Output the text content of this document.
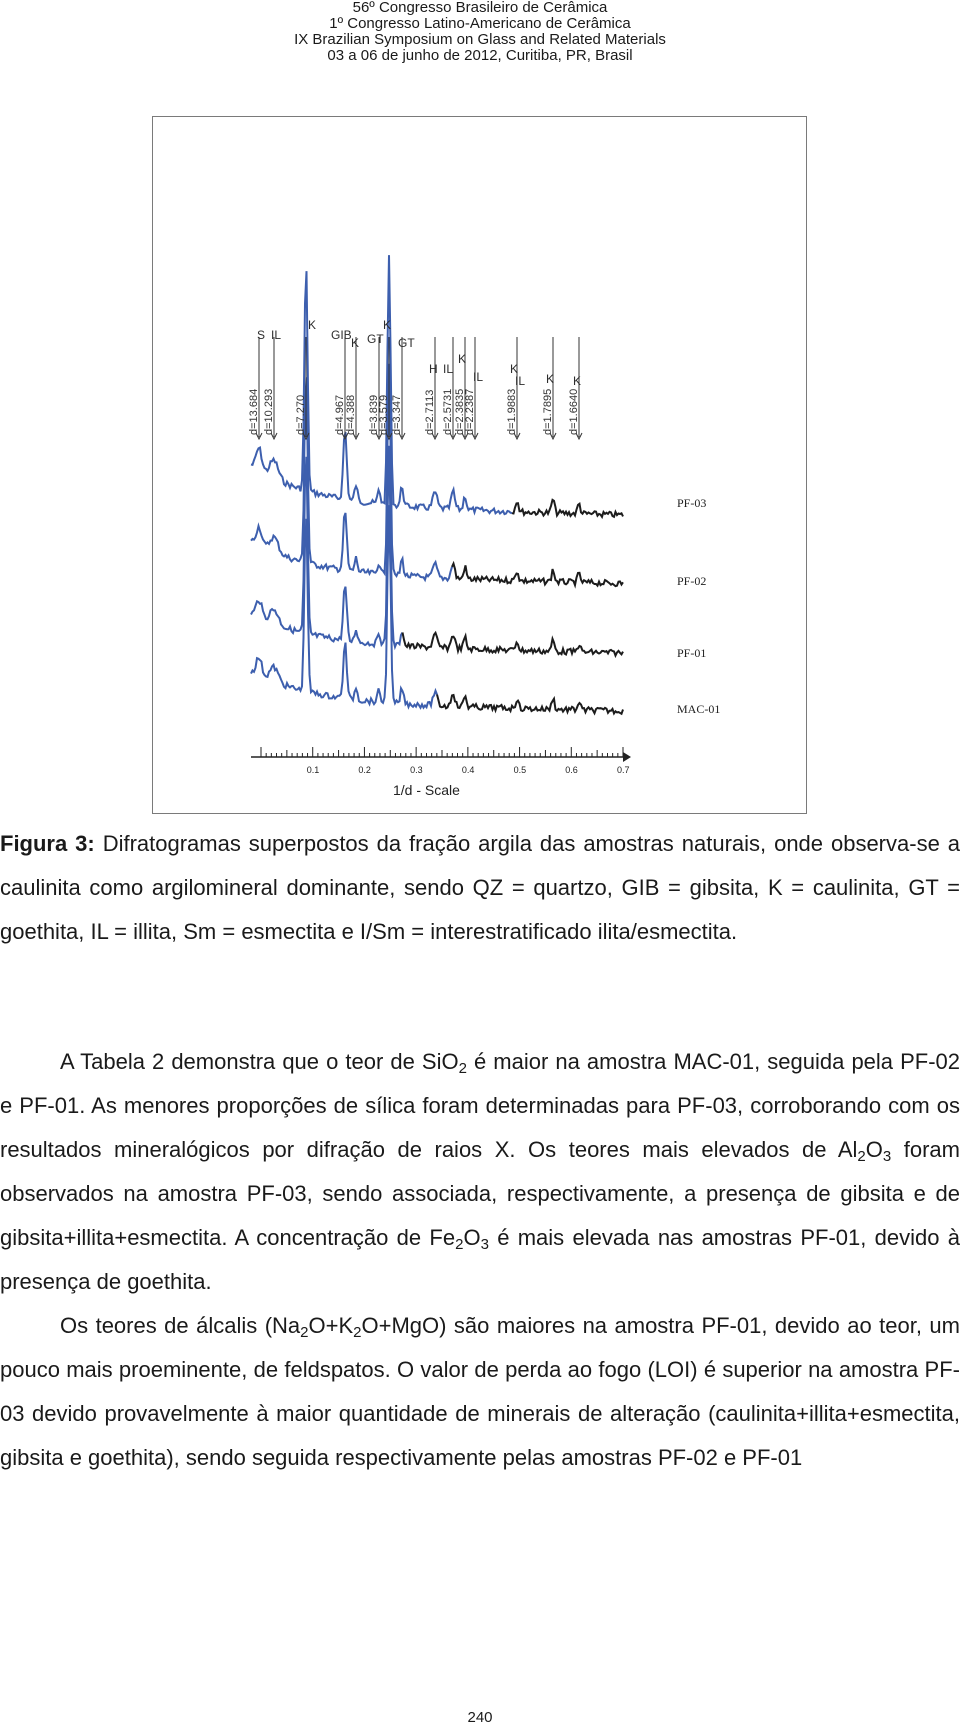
56º Congresso Brasileiro de Cerâmica
1º Congresso Latino-Americano de Cerâmica
IX Brazilian Symposium on Glass and Related Materials
03 a 06 de junho de 2012, Curitiba, PR, Brasil
d=13.684 d=10.293 d=7.270 d=4.967 d=4.388 d=3.839
d=3.579 d=3.347 d=2.7113 d=2.5731 d=2.3835
d=2.2387	d=1.9883 d=1.7895 d=1.6640
S IL
K
GIB
K GT
K
GT
H IL
K
IL
K
IL K K
0.1	0.2	0.3	0.4	0.5	0.6	0.7
PF-03
PF-02
PF-01
MAC-01
1/d - Scale
Figura 3: Difratogramas superpostos da fração argila das amostras naturais, onde observa-se a caulinita como argilomineral dominante, sendo QZ = quartzo, GIB = gibsita, K = caulinita, GT = goethita, IL = illita, Sm = esmectita e I/Sm = interestratificado ilita/esmectita.

A Tabela 2 demonstra que o teor de SiO$_2$ é maior na amostra MAC-01, seguida pela PF-02 e PF-01. As menores proporções de sílica foram determinadas para PF-03, corroborando com os resultados mineralógicos por difração de raios X. Os teores mais elevados de $Al_2O_3$ foram observados na amostra PF-03, sendo associada, respectivamente, a presença de gibsita e de gibsita+illita+esmectita. A concentração de $Fe_2O_3$ é mais elevada nas amostras PF-01, devido à presença de goethita.

Os teores de álcalis $(Na_2O+K_2O+MgO)$ são maiores na amostra PF-01, devido ao teor, um pouco mais proeminente, de feldspatos. O valor de perda ao fogo (LOI) é superior na amostra PF-03 devido provavelmente à maior quantidade de minerais de alteração (caulinita+illita+esmectita, gibsita e goethita), sendo seguida respectivamente pelas amostras PF-02 e PF-01

240
